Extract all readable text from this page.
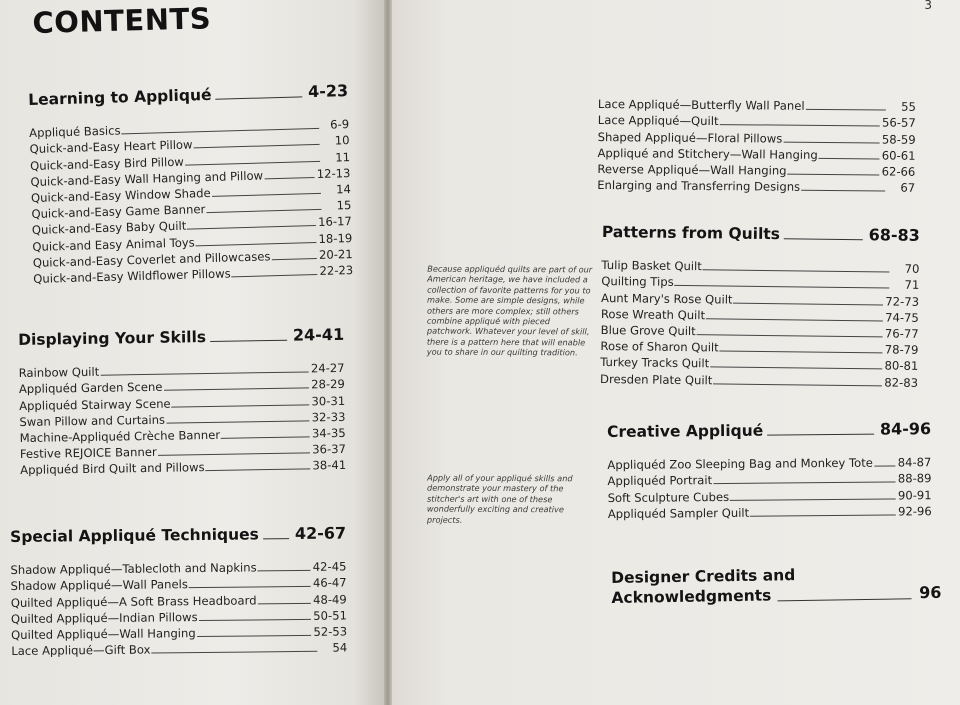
CONTENTS
Learning to Appliqué	4-23
Appliqué Basics	6-9
Quick-and-Easy Heart Pillow	10
Quick-and-Easy Bird Pillow	11
Quick-and-Easy Wall Hanging and Pillow	12-13
Quick-and-Easy Window Shade	14
Quick-and-Easy Game Banner	15
Quick-and-Easy Baby Quilt	16-17
Quick-and Easy Animal Toys	18-19
Quick-and-Easy Coverlet and Pillowcases	20-21
Quick-and-Easy Wildflower Pillows	22-23
Displaying Your Skills	24-41
Rainbow Quilt	24-27
Appliquéd Garden Scene	28-29
Appliquéd Stairway Scene	30-31
Swan Pillow and Curtains	32-33
Machine-Appliquéd Crèche Banner	34-35
Festive REJOICE Banner	36-37
Appliquéd Bird Quilt and Pillows	38-41
Special Appliqué Techniques 42-67
Shadow Appliqué—Tablecloth and Napkins	42-45
Shadow Appliqué—Wall Panels	46-47
Quilted Appliqué—A Soft Brass Headboard	48-49
Quilted Appliqué—Indian Pillows	50-51
Quilted Appliqué—Wall Hanging	52-53
Lace Appliqué—Gift Box	54
3
Lace Appliqué—Butterfly Wall Panel	55
Lace Appliqué—Quilt	56-57
Shaped Appliqué—Floral Pillows	58-59
Appliqué and Stitchery—Wall Hanging	60-61
Reverse Appliqué—Wall Hanging	62-66
Enlarging and Transferring Designs	67
Because appliquéd quilts are part of our American heritage, we have included a collection of favorite patterns for you to make. Some are simple designs, while others are more complex; still others combine appliqué with pieced patchwork. Whatever your level of skill, there is a pattern here that will enable you to share in our quilting tradition.
Patterns from Quilts	68-83
Tulip Basket Quilt	70
Quilting Tips	71
Aunt Mary's Rose Quilt	72-73
Rose Wreath Quilt	74-75
Blue Grove Quilt	76-77
Rose of Sharon Quilt	78-79
Turkey Tracks Quilt	80-81
Dresden Plate Quilt	82-83
Apply all of your appliqué skills and demonstrate your mastery of the stitcher's art with one of these wonderfully exciting and creative projects.
Creative Appliqué	84-96
Appliquéd Zoo Sleeping Bag and Monkey Tote 84-87
Appliquéd Portrait	88-89
Soft Sculpture Cubes	90-91
Appliquéd Sampler Quilt	92-96
Designer Credits and
Acknowledgments	96
